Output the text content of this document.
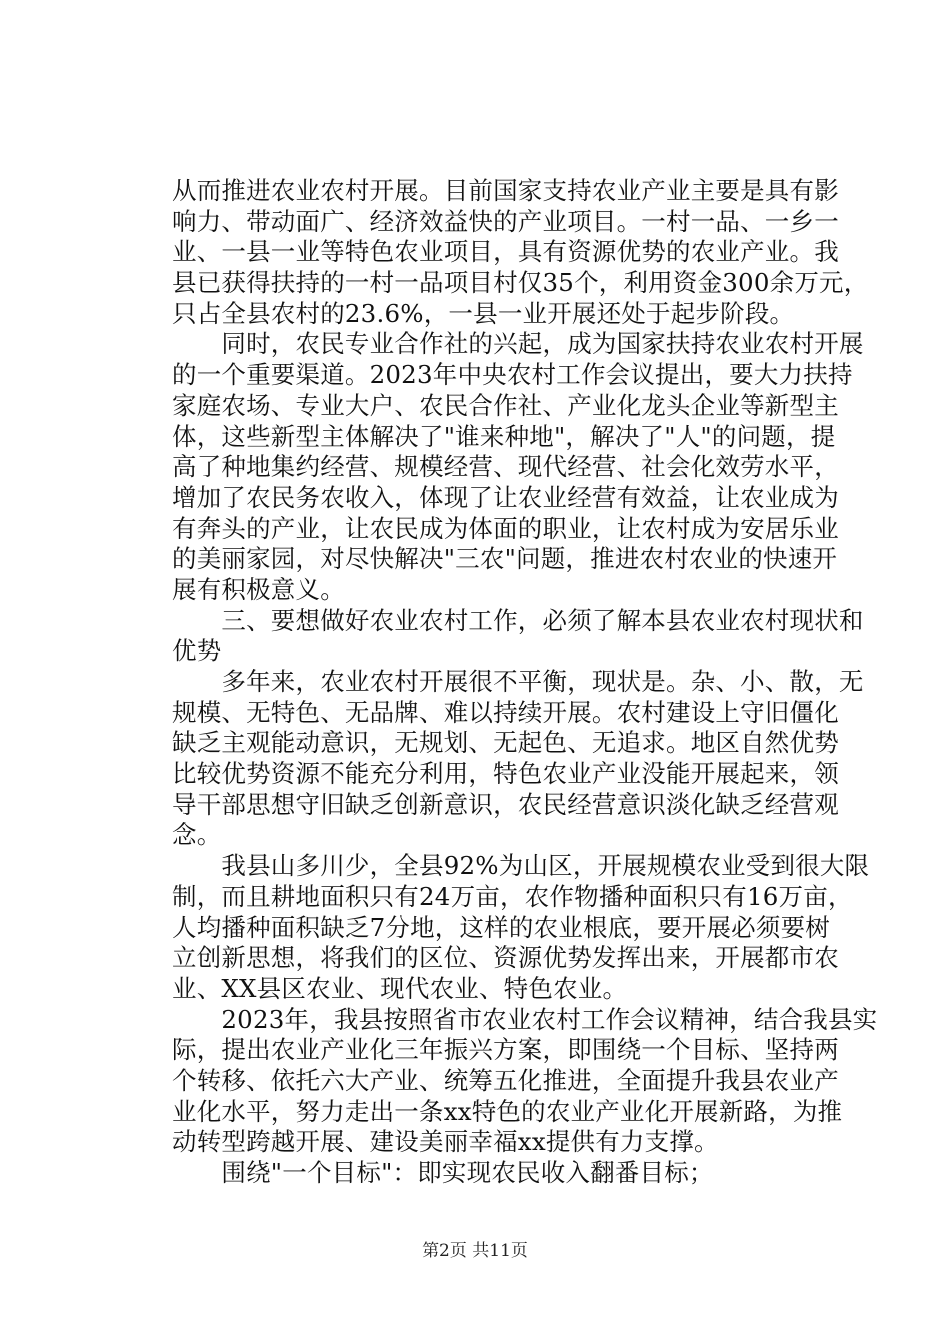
从而推进农业农村开展。目前国家支持农业产业主要是具有影
响力、带动面广、经济效益快的产业项目。一村一品、一乡一
业、一县一业等特色农业项目，具有资源优势的农业产业。我
县已获得扶持的一村一品项目村仅35个，利用资金300余万元，
只占全县农村的23.6%，一县一业开展还处于起步阶段。
　　同时，农民专业合作社的兴起，成为国家扶持农业农村开展
的一个重要渠道。2023年中央农村工作会议提出，要大力扶持
家庭农场、专业大户、农民合作社、产业化龙头企业等新型主
体，这些新型主体解决了"谁来种地"，解决了"人"的问题，提
高了种地集约经营、规模经营、现代经营、社会化效劳水平，
增加了农民务农收入，体现了让农业经营有效益，让农业成为
有奔头的产业，让农民成为体面的职业，让农村成为安居乐业
的美丽家园，对尽快解决"三农"问题，推进农村农业的快速开
展有积极意义。
　　三、要想做好农业农村工作，必须了解本县农业农村现状和
优势
　　多年来，农业农村开展很不平衡，现状是。杂、小、散，无
规模、无特色、无品牌、难以持续开展。农村建设上守旧僵化
缺乏主观能动意识，无规划、无起色、无追求。地区自然优势
比较优势资源不能充分利用，特色农业产业没能开展起来，领
导干部思想守旧缺乏创新意识，农民经营意识淡化缺乏经营观
念。
　　我县山多川少，全县92%为山区，开展规模农业受到很大限
制，而且耕地面积只有24万亩，农作物播种面积只有16万亩，
人均播种面积缺乏7分地，这样的农业根底，要开展必须要树
立创新思想，将我们的区位、资源优势发挥出来，开展都市农
业、XX县区农业、现代农业、特色农业。
　　2023年，我县按照省市农业农村工作会议精神，结合我县实
际，提出农业产业化三年振兴方案，即围绕一个目标、坚持两
个转移、依托六大产业、统筹五化推进，全面提升我县农业产
业化水平，努力走出一条xx特色的农业产业化开展新路，为推
动转型跨越开展、建设美丽幸福xx提供有力支撑。
　　围绕"一个目标"：即实现农民收入翻番目标；
第2页 共11页
